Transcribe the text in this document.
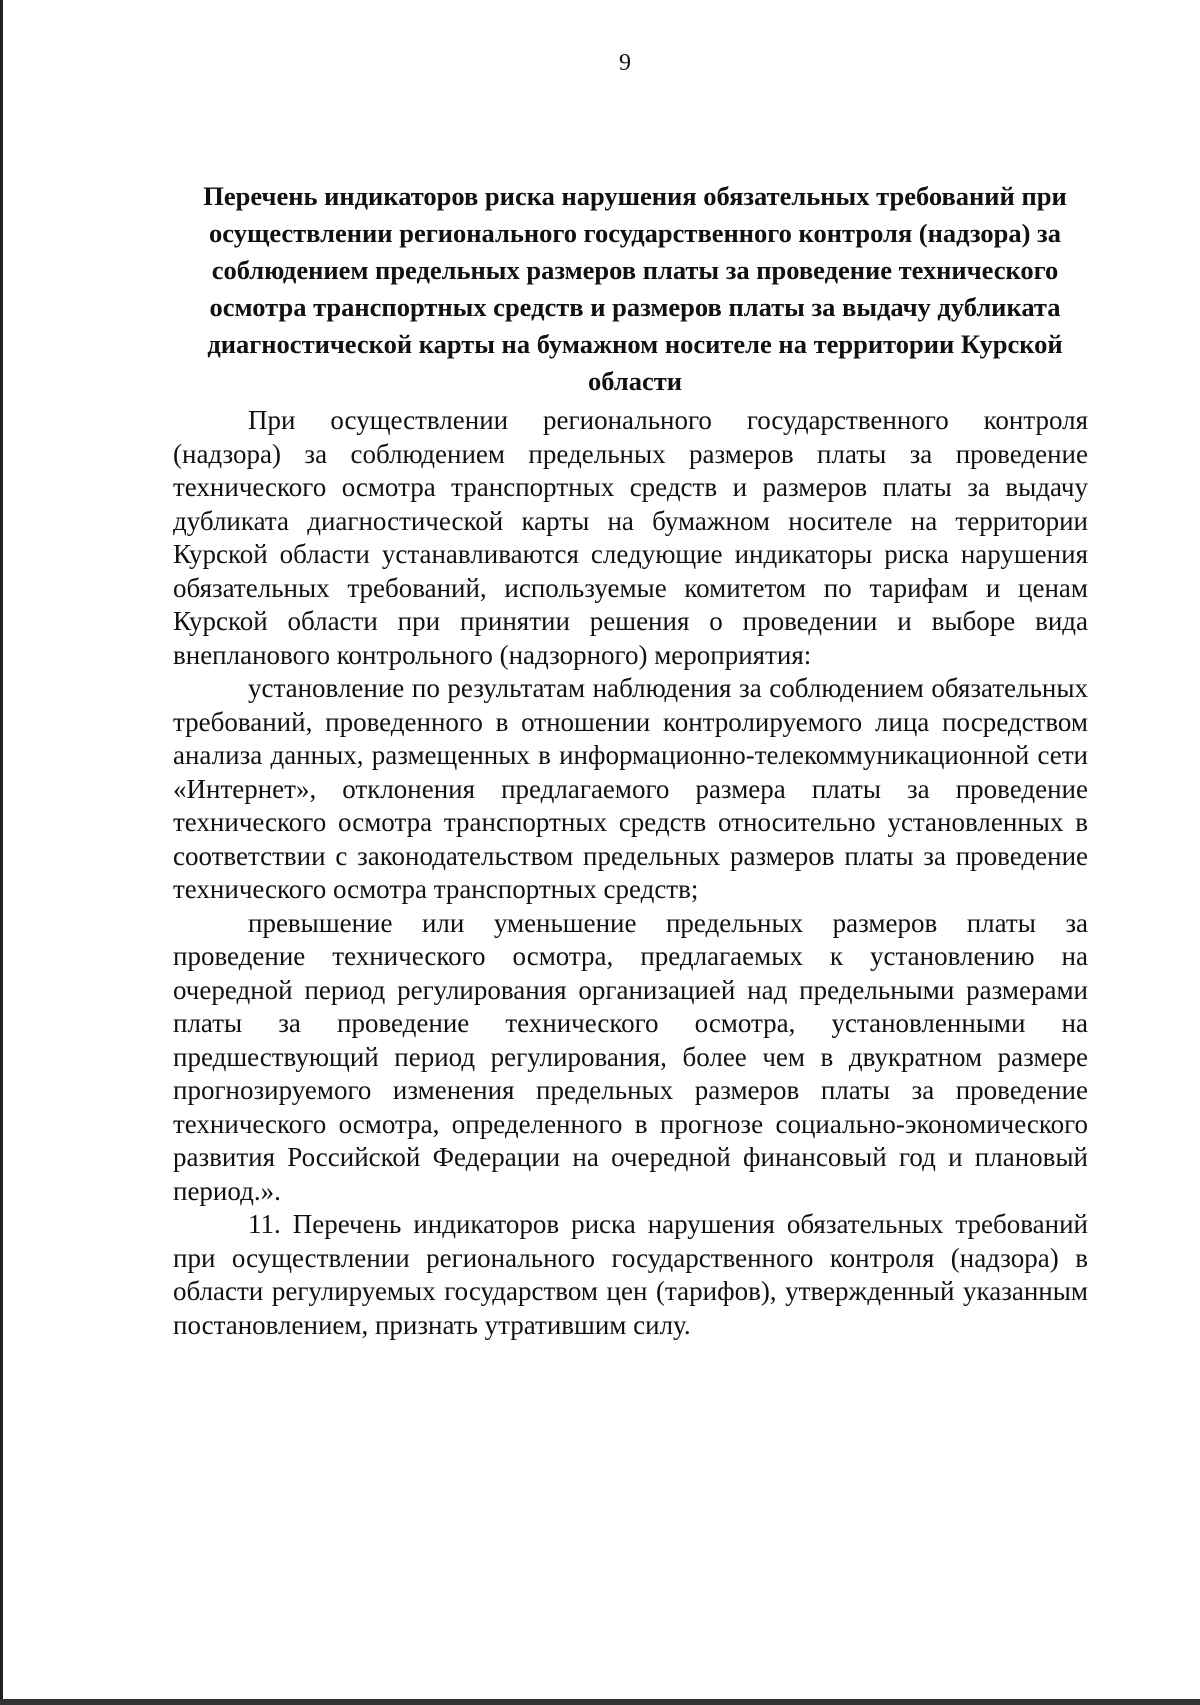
9
Перечень индикаторов риска нарушения обязательных требований при осуществлении регионального государственного контроля (надзора) за соблюдением предельных размеров платы за проведение технического осмотра транспортных средств и размеров платы за выдачу дубликата диагностической карты на бумажном носителе на территории Курской области

При осуществлении регионального государственного контроля (надзора) за соблюдением предельных размеров платы за проведение технического осмотра транспортных средств и размеров платы за выдачу дубликата диагностической карты на бумажном носителе на территории Курской области устанавливаются следующие индикаторы риска нарушения обязательных требований, используемые комитетом по тарифам и ценам Курской области при принятии решения о проведении и выборе вида внепланового контрольного (надзорного) мероприятия:

установление по результатам наблюдения за соблюдением обязательных требований, проведенного в отношении контролируемого лица посредством анализа данных, размещенных в информационно-телекоммуникационной сети «Интернет», отклонения предлагаемого размера платы за проведение технического осмотра транспортных средств относительно установленных в соответствии с законодательством предельных размеров платы за проведение технического осмотра транспортных средств;

превышение или уменьшение предельных размеров платы за проведение технического осмотра, предлагаемых к установлению на очередной период регулирования организацией над предельными размерами платы за проведение технического осмотра, установленными на предшествующий период регулирования, более чем в двукратном размере прогнозируемого изменения предельных размеров платы за проведение технического осмотра, определенного в прогнозе социально-экономического развития Российской Федерации на очередной финансовый год и плановый период.».

11. Перечень индикаторов риска нарушения обязательных требований при осуществлении регионального государственного контроля (надзора) в области регулируемых государством цен (тарифов), утвержденный указанным постановлением, признать утратившим силу.
